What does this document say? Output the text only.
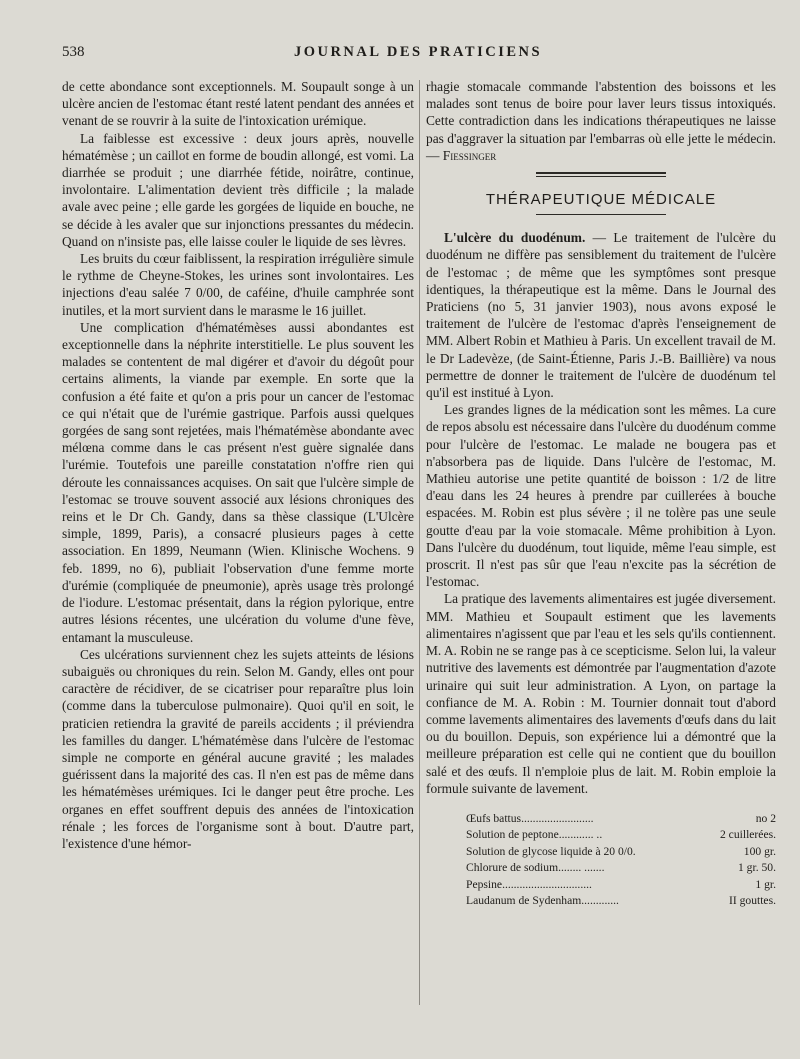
538	JOURNAL DES PRATICIENS

de cette abondance sont exceptionnels. M. Soupault songe à un ulcère ancien de l'estomac étant resté latent pendant des années et venant de se rouvrir à la suite de l'intoxication urémique.

La faiblesse est excessive : deux jours après, nouvelle hématémèse ; un caillot en forme de boudin allongé, est vomi. La diarrhée se produit ; une diarrhée fétide, noirâtre, continue, involontaire. L'alimentation devient très difficile ; la malade avale avec peine ; elle garde les gorgées de liquide en bouche, ne se décide à les avaler que sur injonctions pressantes du médecin. Quand on n'insiste pas, elle laisse couler le liquide de ses lèvres.

Les bruits du cœur faiblissent, la respiration irrégulière simule le rythme de Cheyne-Stokes, les urines sont involontaires. Les injections d'eau salée 7 0/00, de caféine, d'huile camphrée sont inutiles, et la mort survient dans le marasme le 16 juillet.

Une complication d'hématémèses aussi abondantes est exceptionnelle dans la néphrite interstitielle. Le plus souvent les malades se contentent de mal digérer et d'avoir du dégoût pour certains aliments, la viande par exemple. En sorte que la confusion a été faite et qu'on a pris pour un cancer de l'estomac ce qui n'était que de l'urémie gastrique. Parfois aussi quelques gorgées de sang sont rejetées, mais l'hématémèse abondante avec mélœna comme dans le cas présent n'est guère signalée dans l'urémie. Toutefois une pareille constatation n'offre rien qui déroute les connaissances acquises. On sait que l'ulcère simple de l'estomac se trouve souvent associé aux lésions chroniques des reins et le Dr Ch. Gandy, dans sa thèse classique (L'Ulcère simple, 1899, Paris), a consacré plusieurs pages à cette association. En 1899, Neumann (Wien. Klinische Wochens. 9 feb. 1899, no 6), publiait l'observation d'une femme morte d'urémie (compliquée de pneumonie), après usage très prolongé de l'iodure. L'estomac présentait, dans la région pylorique, entre autres lésions récentes, une ulcération du volume d'une fève, entamant la musculeuse.

Ces ulcérations surviennent chez les sujets atteints de lésions subaiguës ou chroniques du rein. Selon M. Gandy, elles ont pour caractère de récidiver, de se cicatriser pour reparaître plus loin (comme dans la tuberculose pulmonaire). Quoi qu'il en soit, le praticien retiendra la gravité de pareils accidents ; il préviendra les familles du danger. L'hématémèse dans l'ulcère de l'estomac simple ne comporte en général aucune gravité ; les malades guérissent dans la majorité des cas. Il n'en est pas de même dans les hématémèses urémiques. Ici le danger peut être proche. Les organes en effet souffrent depuis des années de l'intoxication rénale ; les forces de l'organisme sont à bout. D'autre part, l'existence d'une hémor-

rhagie stomacale commande l'abstention des boissons et les malades sont tenus de boire pour laver leurs tissus intoxiqués. Cette contradiction dans les indications thérapeutiques ne laisse pas d'aggraver la situation par l'embarras où elle jette le médecin. — Fiessinger

THÉRAPEUTIQUE MÉDICALE

L'ulcère du duodénum. — Le traitement de l'ulcère du duodénum ne diffère pas sensiblement du traitement de l'ulcère de l'estomac ; de même que les symptômes sont presque identiques, la thérapeutique est la même. Dans le Journal des Praticiens (no 5, 31 janvier 1903), nous avons exposé le traitement de l'ulcère de l'estomac d'après l'enseignement de MM. Albert Robin et Mathieu à Paris. Un excellent travail de M. le Dr Ladevèze, (de Saint-Étienne, Paris J.-B. Baillière) va nous permettre de donner le traitement de l'ulcère de duodénum tel qu'il est institué à Lyon.

Les grandes lignes de la médication sont les mêmes. La cure de repos absolu est nécessaire dans l'ulcère du duodénum comme pour l'ulcère de l'estomac. Le malade ne bougera pas et n'absorbera pas de liquide. Dans l'ulcère de l'estomac, M. Mathieu autorise une petite quantité de boisson : 1/2 de litre d'eau dans les 24 heures à prendre par cuillerées à bouche espacées. M. Robin est plus sévère ; il ne tolère pas une seule goutte d'eau par la voie stomacale. Même prohibition à Lyon. Dans l'ulcère du duodénum, tout liquide, même l'eau simple, est proscrit. Il n'est pas sûr que l'eau n'excite pas la sécrétion de l'estomac.

La pratique des lavements alimentaires est jugée diversement. MM. Mathieu et Soupault estiment que les lavements alimentaires n'agissent que par l'eau et les sels qu'ils contiennent. M. A. Robin ne se range pas à ce scepticisme. Selon lui, la valeur nutritive des lavements est démontrée par l'augmentation d'azote urinaire qui suit leur administration. A Lyon, on partage la confiance de M. A. Robin : M. Tournier donnait tout d'abord comme lavements alimentaires des lavements d'œufs dans du lait ou du bouillon. Depuis, son expérience lui a démontré que la meilleure préparation est celle qui ne contient que du bouillon salé et des œufs. Il n'emploie plus de lait. M. Robin emploie la formule suivante de lavement.

Œufs battus.........................	no 2
Solution de peptone............ ..	2 cuillerées.
Solution de glycose liquide à 20 0/0.	100 gr.
Chlorure de sodium........ .......	1 gr. 50.
Pepsine...............................	1 gr.
Laudanum de Sydenham.............	II gouttes.
